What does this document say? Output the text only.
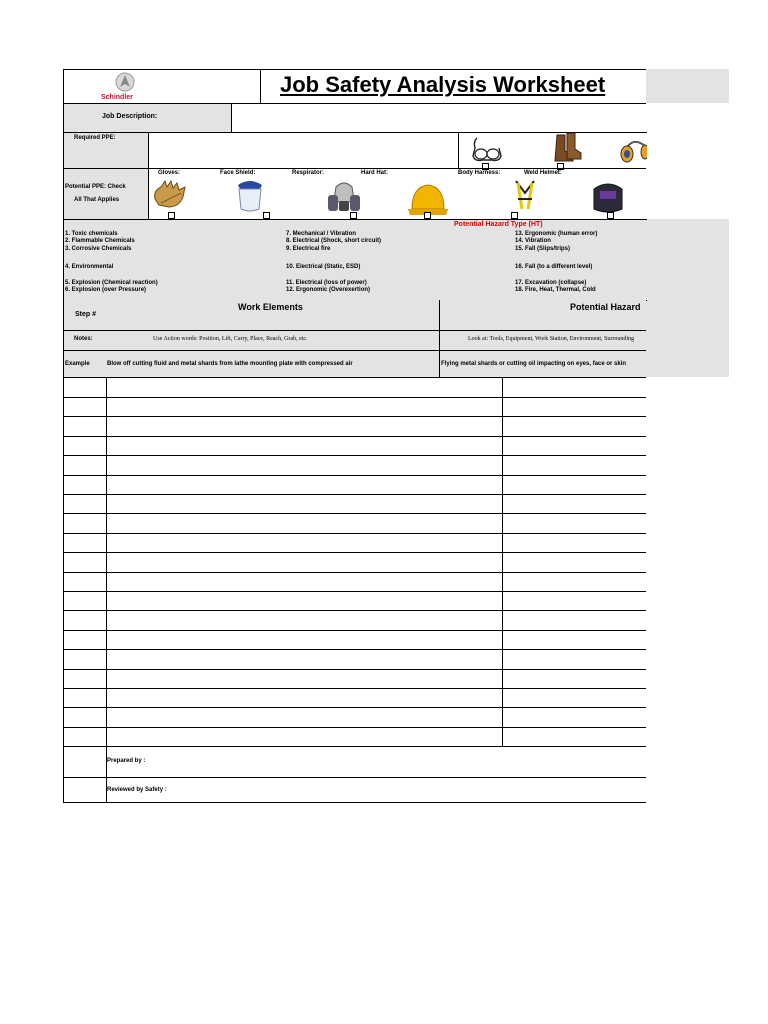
Schindler
Job Safety Analysis Worksheet
Job Description:
Required PPE:
Potential PPE: Check
All That Applies
Gloves:	Face Shield:	Respirator:	Hard Hat:	Body Harness:	Weld Helmet:
Potential Hazard Type (HT)
1. Toxic chemicals
2. Flammable Chemicals
3. Corrosive Chemicals
4. Environmental
5. Explosion (Chemical reaction)
6. Explosion (over Pressure)
7. Mechanical / Vibration
8. Electrical (Shock, short circuit)
9. Electrical fire
10. Electrical (Static, ESD)
11. Electrical (loss of power)
12. Ergonomic (Overexertion)
13. Ergonomic (human error)
14. Vibration
15. Fall (Slips/trips)
16. Fall (to a different level)
17. Excavation (collapse)
18. Fire, Heat, Thermal, Cold
Step #
Work Elements	Potential Hazard
Notes:	Use Action words: Position, Lift, Carry, Place, Reach, Grab, etc.	Look at: Tools, Equipment, Work Station, Environment, Surrounding
Example	Blow off cutting fluid and metal shards from lathe mounting plate with compressed air	Flying metal shards or cutting oil impacting on eyes, face or skin
Prepared by :
Reviewed by Safety :
